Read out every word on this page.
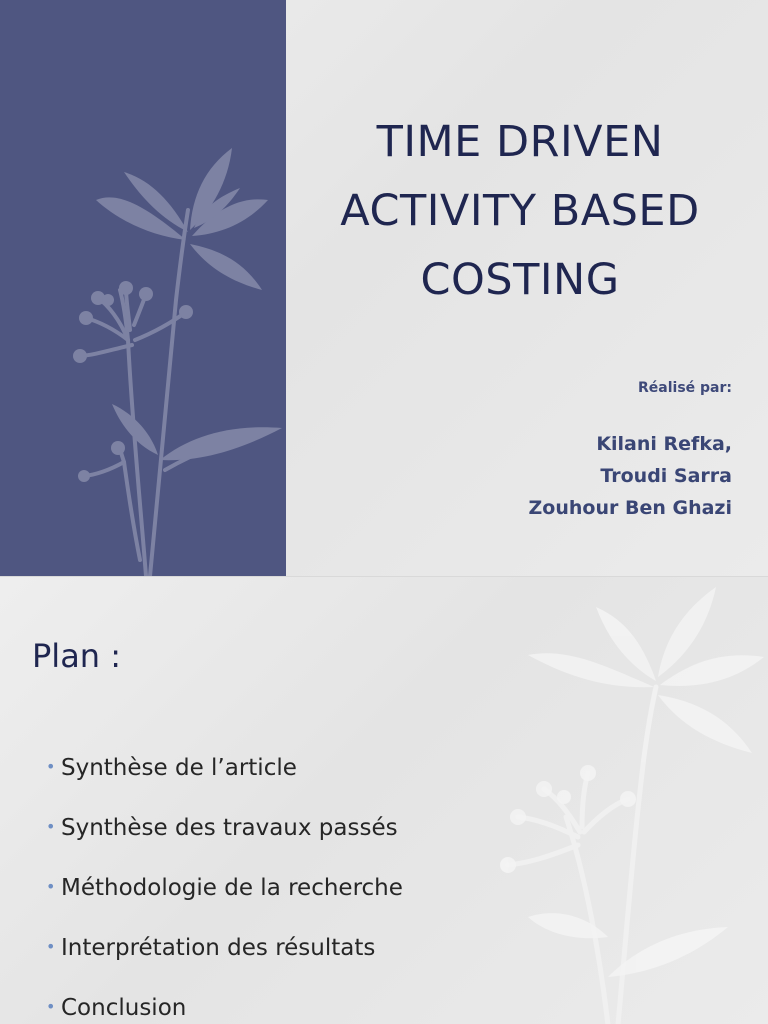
TIME DRIVEN
ACTIVITY BASED
COSTING
Réalisé par:
Kilani Refka,
Troudi Sarra
Zouhour Ben Ghazi
Plan :
• Synthèse de l’article
• Synthèse des travaux passés
• Méthodologie de la recherche
• Interprétation des résultats
• Conclusion
